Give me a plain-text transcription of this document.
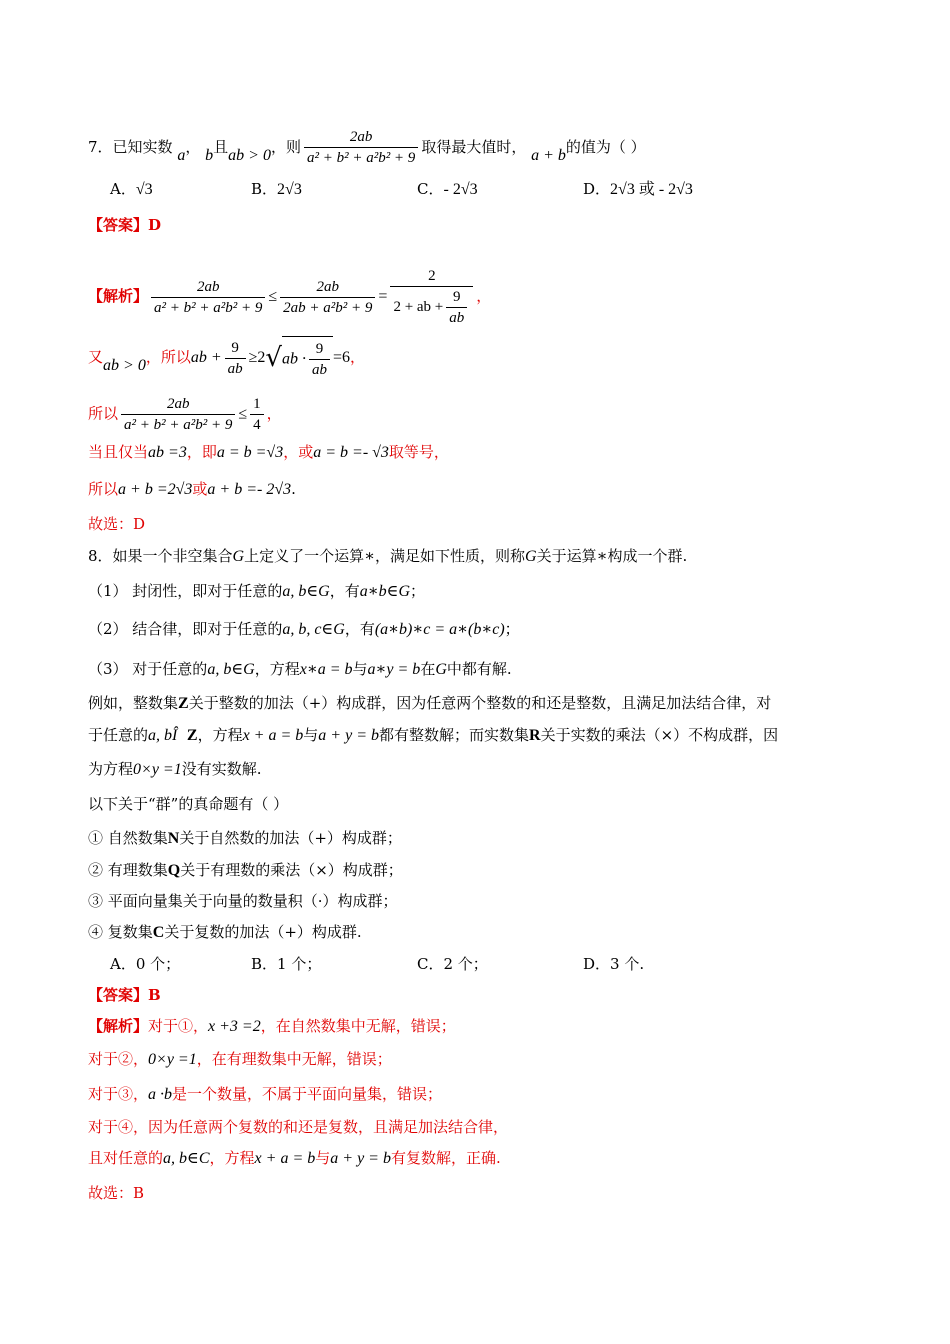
7．已知实数 a， b且ab > 0，则 $\frac{2ab}{\text{a² + b² + a²b² + 9}}$ 取得最大值时， a + b的值为（ ）
A．√3	B．2√3	C．- 2√3	D．2√3 或 - 2√3
【答案】D
【解析】 $\frac{2ab}{\text{a² + b² + a²b² + 9}} \le \frac{2ab}{\text{2ab + a²b² + 9}} = \frac{2}{2 + ab + \frac{9}{ab}}$ ，
又ab > 0，所以ab + $\frac{9}{ab} \ge 2√ab \cdot \frac{9}{ab} =6$，
所以 $\frac{2ab}{\text{a² + b² + a²b² + 9}} \le \frac{1}{4}$ ，
当且仅当ab =3，即a = b =√3，或a = b =- √3取等号，
所以a + b =2√3或a + b =- 2√3.
故选：D
8．如果一个非空集合G上定义了一个运算∗，满足如下性质，则称G关于运算∗构成一个群.
（1） 封闭性，即对于任意的a, b∈G，有a∗b∈G；
（2） 结合律，即对于任意的a, b, c∈G，有(a∗b)∗c = a∗(b∗c)；
（3） 对于任意的a, b∈G，方程x∗a = b与a∗y = b在G中都有解.
例如，整数集Z关于整数的加法（+）构成群，因为任意两个整数的和还是整数，且满足加法结合律，对
于任意的a, bÎ Z，方程x + a = b与a + y = b都有整数解；而实数集R关于实数的乘法（×）不构成群，因
为方程0×y =1没有实数解.
以下关于“群”的真命题有（ ）
① 自然数集N关于自然数的加法（+）构成群；
② 有理数集Q关于有理数的乘法（×）构成群；
③ 平面向量集关于向量的数量积（·）构成群；
④ 复数集C关于复数的加法（+）构成群.
A．0 个；	B．1 个；	C．2 个；	D．3 个.
【答案】B
【解析】对于①，x +3 =2，在自然数集中无解，错误；
对于②，0×y =1，在有理数集中无解，错误；
对于③，a ·b是一个数量，不属于平面向量集，错误；
对于④，因为任意两个复数的和还是复数，且满足加法结合律，
且对任意的a, b∈C，方程x + a = b与a + y = b有复数解，正确.
故选：B
